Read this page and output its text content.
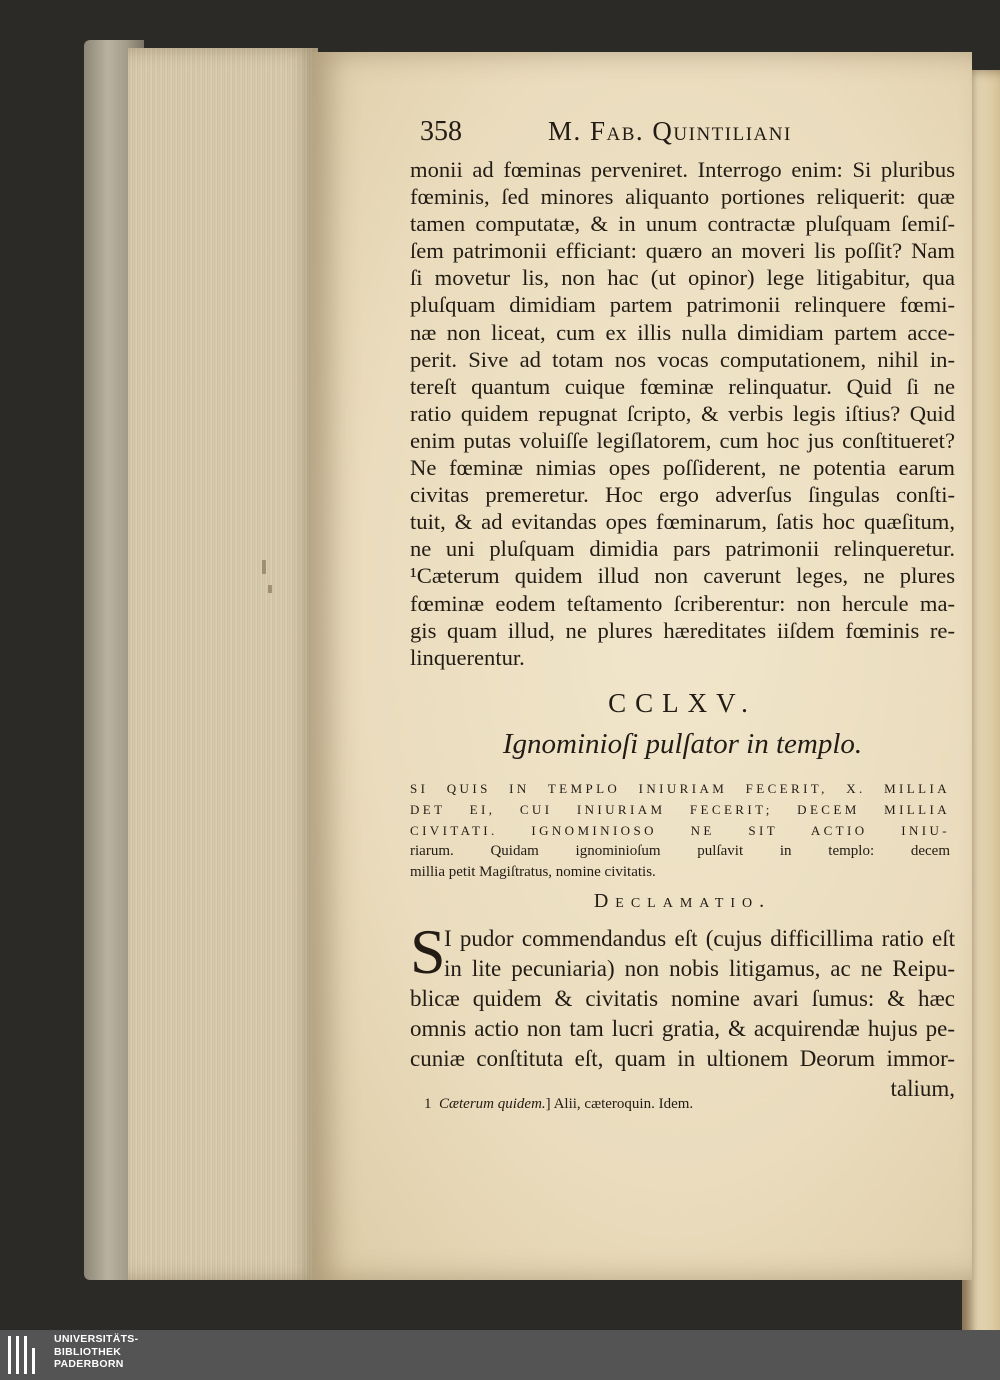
358	M. Fab. Quintiliani
monii ad fœminas perveniret. Interrogo enim: Si pluribus
fœminis, ſed minores aliquanto portiones reliquerit: quæ
tamen computatæ, & in unum contractæ pluſquam ſemiſ-
ſem patrimonii efficiant: quæro an moveri lis poſſit? Nam
ſi movetur lis, non hac (ut opinor) lege litigabitur, qua
pluſquam dimidiam partem patrimonii relinquere fœmi-
næ non liceat, cum ex illis nulla dimidiam partem acce-
perit. Sive ad totam nos vocas computationem, nihil in-
tereſt quantum cuique fœminæ relinquatur. Quid ſi ne
ratio quidem repugnat ſcripto, & verbis legis iſtius? Quid
enim putas voluiſſe legiſlatorem, cum hoc jus conſtitueret?
Ne fœminæ nimias opes poſſiderent, ne potentia earum
civitas premeretur. Hoc ergo adverſus ſingulas conſti-
tuit, & ad evitandas opes fœminarum, ſatis hoc quæſitum,
ne uni pluſquam dimidia pars patrimonii relinqueretur.
¹Cæterum quidem illud non caverunt leges, ne plures
fœminæ eodem teſtamento ſcriberentur: non hercule ma-
gis quam illud, ne plures hæreditates iiſdem fœminis re-
linquerentur.
CCLXV.
Ignominioſi pulſator in templo.
SI QUIS IN TEMPLO INIURIAM FECERIT, X. MILLIA
DET EI, CUI INIURIAM FECERIT; DECEM MILLIA
CIVITATI. IGNOMINIOSO NE SIT ACTIO INIU-
riarum. Quidam ignominioſum pulſavit in templo: decem
millia petit Magiſtratus, nomine civitatis.
Declamatio.
S
I pudor commendandus eſt (cujus difficillima ratio eſt
in lite pecuniaria) non nobis litigamus, ac ne Reipu-
blicæ quidem & civitatis nomine avari ſumus: & hæc
omnis actio non tam lucri gratia, & acquirendæ hujus pe-
cuniæ conſtituta eſt, quam in ultionem Deorum immor-
talium,
1 Cæterum quidem.] Alii, cæteroquin. Idem.
UNIVERSITÄTS-
BIBLIOTHEK
PADERBORN
